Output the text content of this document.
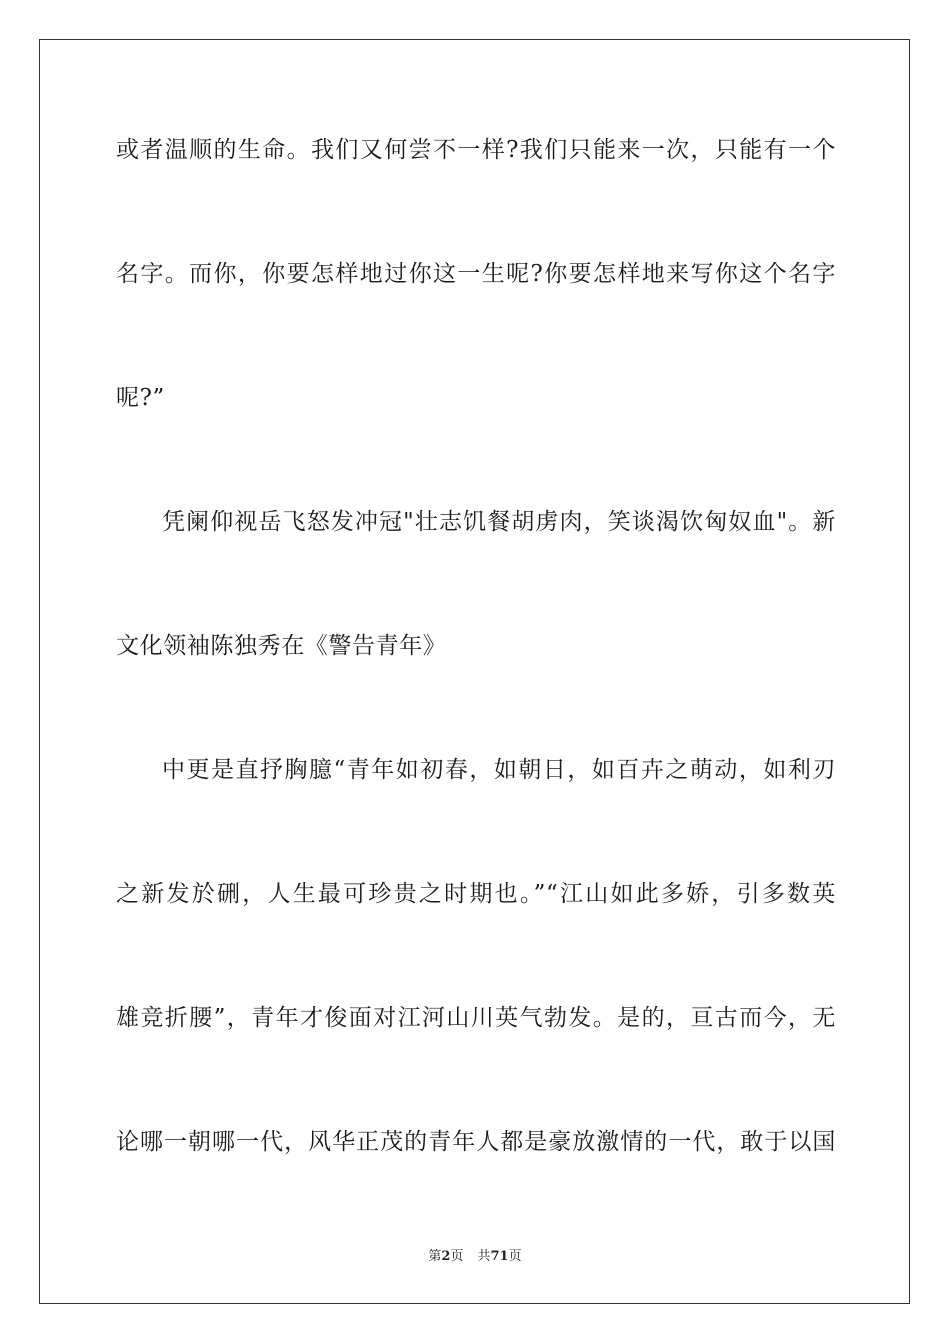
或者温顺的生命。我们又何尝不一样?我们只能来一次，只能有一个
名字。而你，你要怎样地过你这一生呢?你要怎样地来写你这个名字
呢?”
凭阑仰视岳飞怒发冲冠"壮志饥餐胡虏肉，笑谈渴饮匈奴血"。新
文化领袖陈独秀在《警告青年》
中更是直抒胸臆“青年如初春，如朝日，如百卉之萌动，如利刃
之新发於硎，人生最可珍贵之时期也。”“江山如此多娇，引多数英
雄竞折腰”，青年才俊面对江河山川英气勃发。是的，亘古而今，无
论哪一朝哪一代，风华正茂的青年人都是豪放激情的一代，敢于以国
第2页 共71页
